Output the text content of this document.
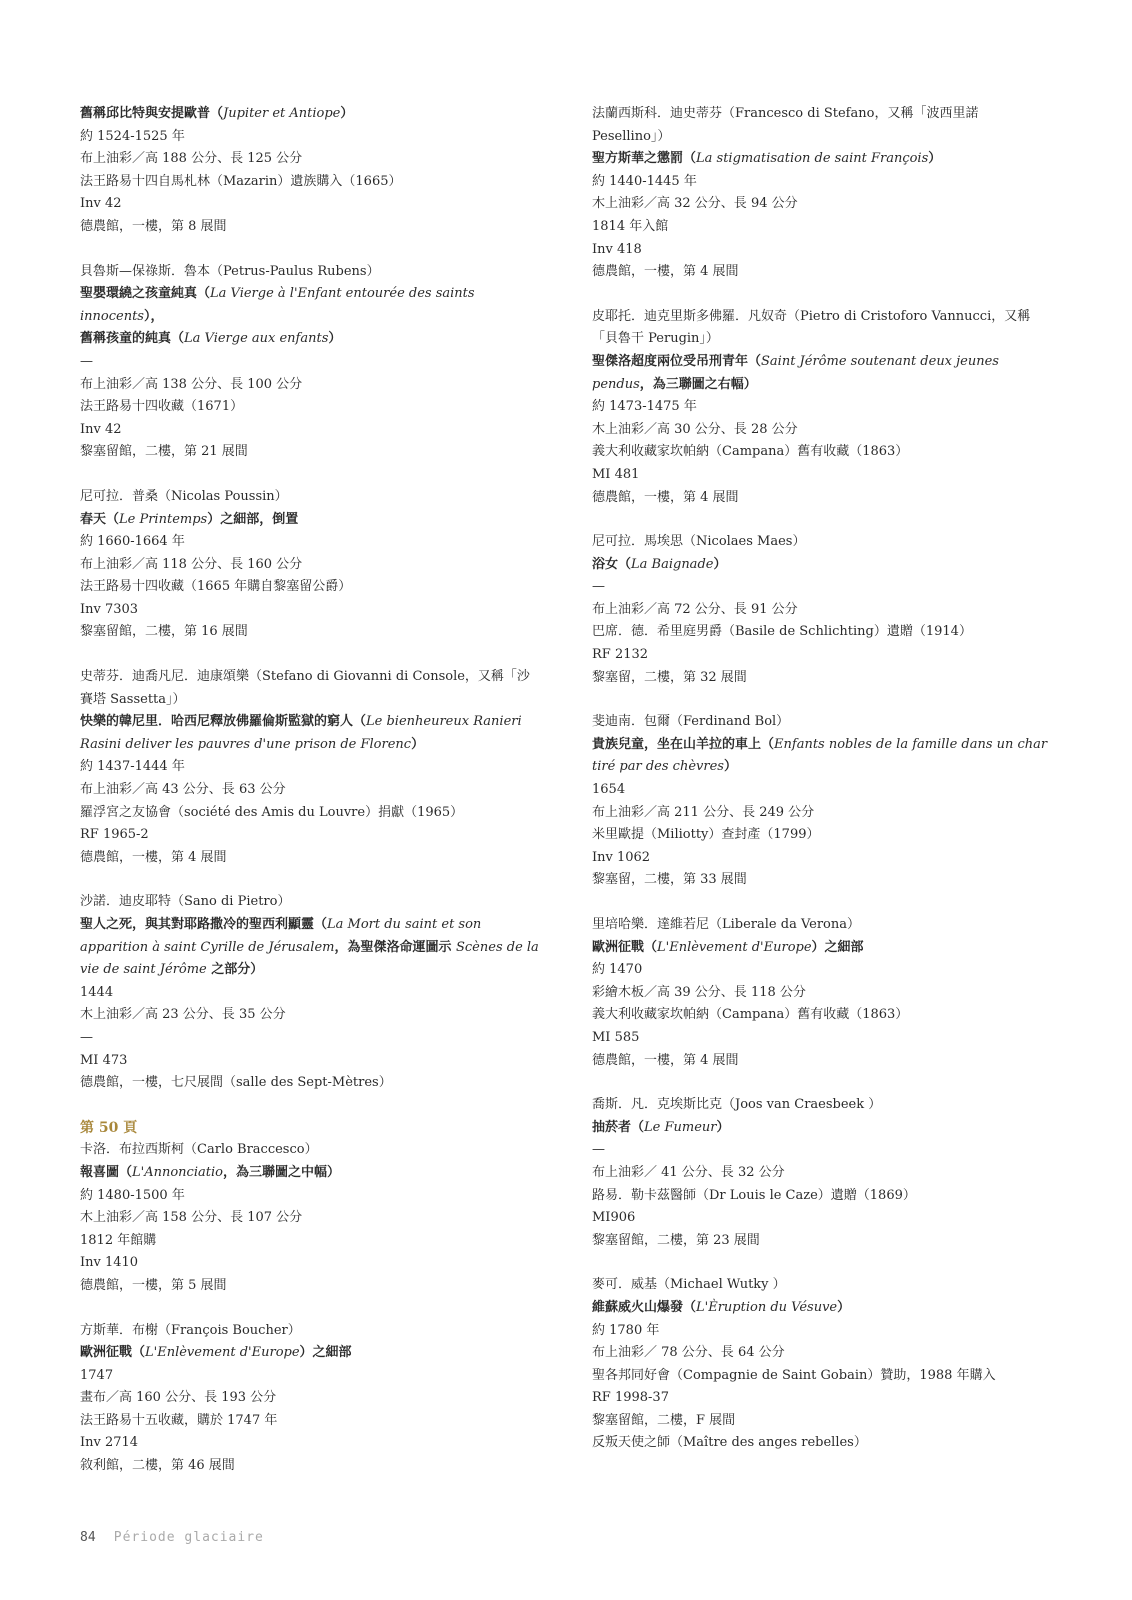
舊稱邱比特與安提歐普（Jupiter et Antiope）
約 1524-1525 年
布上油彩／高 188 公分、長 125 公分
法王路易十四自馬札林（Mazarin）遺族購入（1665）
Inv 42
德農館，一樓，第 8 展間
貝魯斯—保祿斯．魯本（Petrus-Paulus Rubens）
聖嬰環繞之孩童純真（La Vierge à l'Enfant entourée des saints innocents），
舊稱孩童的純真（La Vierge aux enfants）
—
布上油彩／高 138 公分、長 100 公分
法王路易十四收藏（1671）
Inv 42
黎塞留館，二樓，第 21 展間
尼可拉．普桑（Nicolas Poussin）
春天（Le Printemps）之細部，倒置
約 1660-1664 年
布上油彩／高 118 公分、長 160 公分
法王路易十四收藏（1665 年購自黎塞留公爵）
Inv 7303
黎塞留館，二樓，第 16 展間
史蒂芬．迪喬凡尼．迪康頌樂（Stefano di Giovanni di Console，又稱「沙賽塔 Sassetta」）
快樂的韓尼里．哈西尼釋放佛羅倫斯監獄的窮人（Le bienheureux Ranieri Rasini deliver les pauvres d'une prison de Florenc）
約 1437-1444 年
布上油彩／高 43 公分、長 63 公分
羅浮宮之友協會（société des Amis du Louvre）捐獻（1965）
RF 1965-2
德農館，一樓，第 4 展間
沙諾．迪皮耶特（Sano di Pietro）
聖人之死，與其對耶路撒冷的聖西利顯靈（La Mort du saint et son apparition à saint Cyrille de Jérusalem，為聖傑洛命運圖示 Scènes de la vie de saint Jérôme 之部分）
1444
木上油彩／高 23 公分、長 35 公分
—
MI 473
德農館，一樓，七尺展間（salle des Sept-Mètres）
第 50 頁
卡洛．布拉西斯柯（Carlo Braccesco）
報喜圖（L'Annonciatio，為三聯圖之中幅）
約 1480-1500 年
木上油彩／高 158 公分、長 107 公分
1812 年館購
Inv 1410
德農館，一樓，第 5 展間
方斯華．布榭（François Boucher）
歐洲征戰（L'Enlèvement d'Europe）之細部
1747
畫布／高 160 公分、長 193 公分
法王路易十五收藏，購於 1747 年
Inv 2714
敘利館，二樓，第 46 展間
法蘭西斯科．迪史蒂芬（Francesco di Stefano，又稱「波西里諾 Pesellino」）
聖方斯華之懲罰（La stigmatisation de saint François）
約 1440-1445 年
木上油彩／高 32 公分、長 94 公分
1814 年入館
Inv 418
德農館，一樓，第 4 展間
皮耶托．迪克里斯多佛羅．凡奴奇（Pietro di Cristoforo Vannucci，又稱「貝魯干 Perugin」）
聖傑洛超度兩位受吊刑青年（Saint Jérôme soutenant deux jeunes pendus，為三聯圖之右幅）
約 1473-1475 年
木上油彩／高 30 公分、長 28 公分
義大利收藏家坎帕納（Campana）舊有收藏（1863）
MI 481
德農館，一樓，第 4 展間
尼可拉．馬埃思（Nicolaes Maes）
浴女（La Baignade）
—
布上油彩／高 72 公分、長 91 公分
巴席．德．希里庭男爵（Basile de Schlichting）遺贈（1914）
RF 2132
黎塞留，二樓，第 32 展間
斐迪南．包爾（Ferdinand Bol）
貴族兒童，坐在山羊拉的車上（Enfants nobles de la famille dans un char tiré par des chèvres）
1654
布上油彩／高 211 公分、長 249 公分
米里歐提（Miliotty）查封產（1799）
Inv 1062
黎塞留，二樓，第 33 展間
里培哈樂．達維若尼（Liberale da Verona）
歐洲征戰（L'Enlèvement d'Europe）之細部
約 1470
彩繪木板／高 39 公分、長 118 公分
義大利收藏家坎帕納（Campana）舊有收藏（1863）
MI 585
德農館，一樓，第 4 展間
喬斯．凡．克埃斯比克（Joos van Craesbeek ）
抽菸者（Le Fumeur）
—
布上油彩／ 41 公分、長 32 公分
路易．勒卡茲醫師（Dr Louis le Caze）遺贈（1869）
MI906
黎塞留館，二樓，第 23 展間
麥可．威基（Michael Wutky ）
維蘇威火山爆發（L'Èruption du Vésuve）
約 1780 年
布上油彩／ 78 公分、長 64 公分
聖各邦同好會（Compagnie de Saint Gobain）贊助，1988 年購入
RF 1998-37
黎塞留館，二樓，F 展間
反叛天使之師（Maître des anges rebelles）
84 Période glaciaire
